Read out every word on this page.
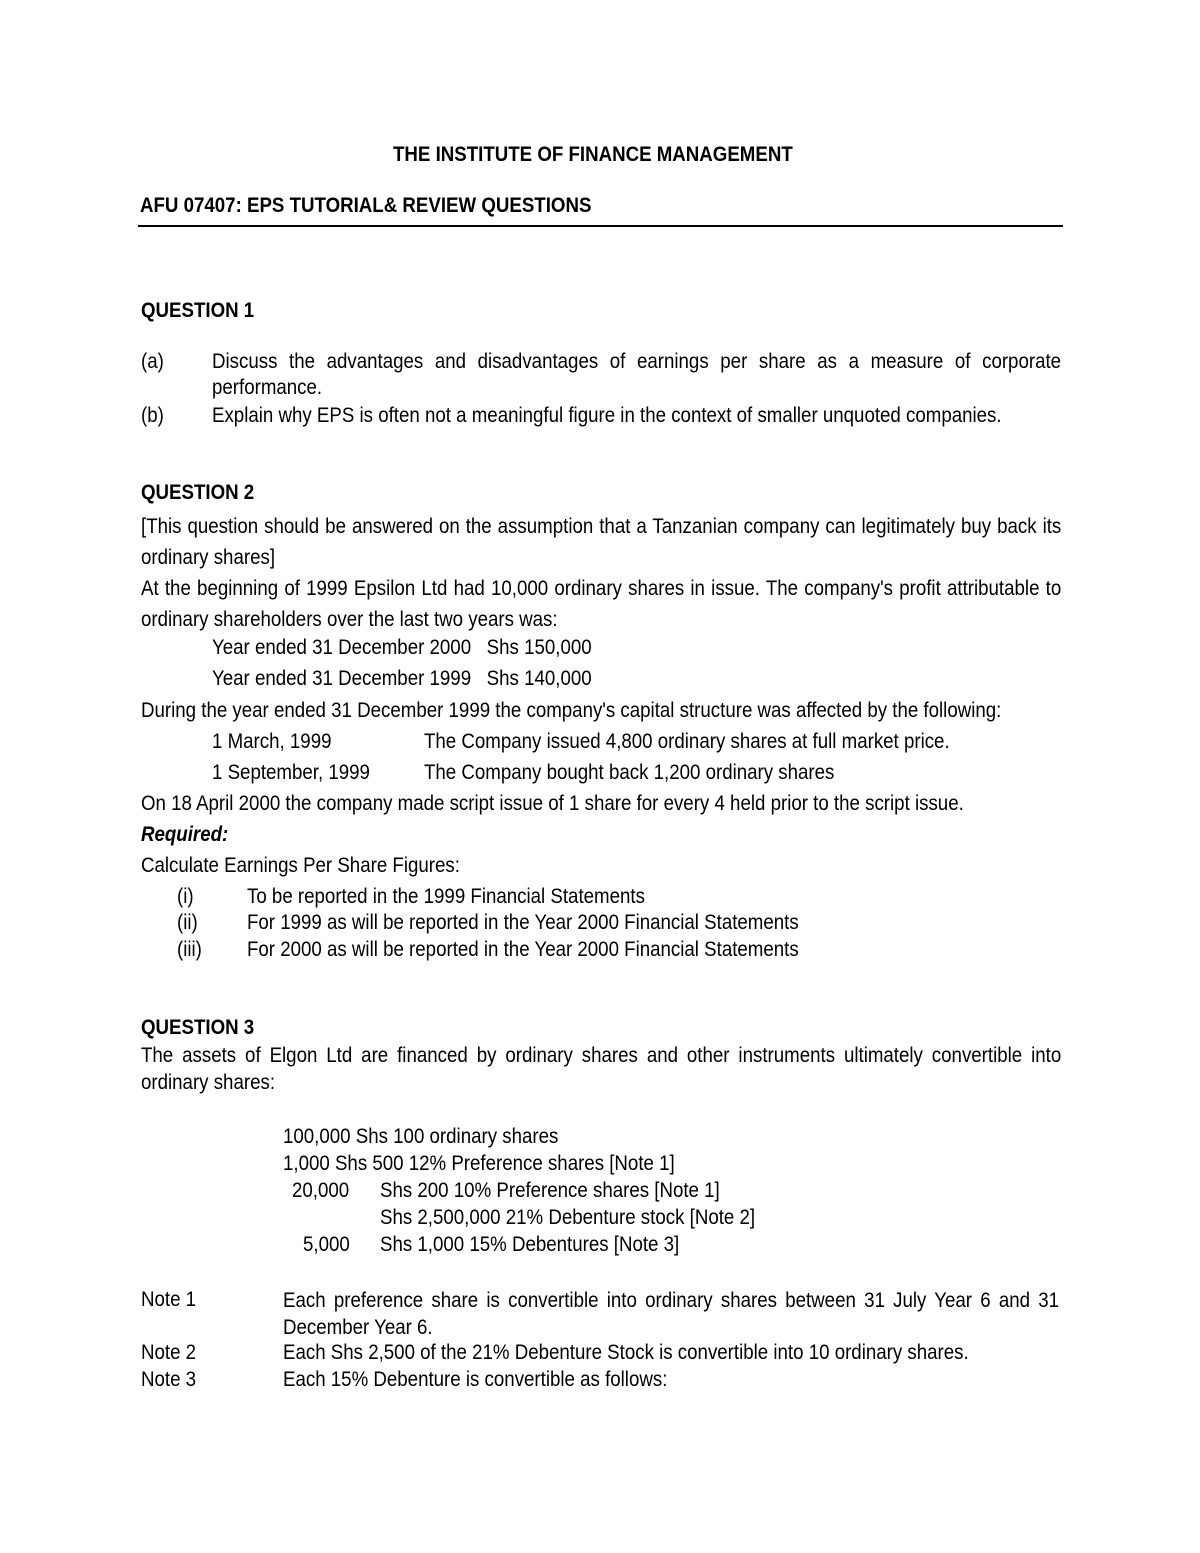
THE INSTITUTE OF FINANCE MANAGEMENT
AFU 07407: EPS TUTORIAL& REVIEW QUESTIONS
QUESTION 1
(a) Discuss the advantages and disadvantages of earnings per share as a measure of corporate performance.
(b) Explain why EPS is often not a meaningful figure in the context of smaller unquoted companies.
QUESTION 2
[This question should be answered on the assumption that a Tanzanian company can legitimately buy back its ordinary shares]
At the beginning of 1999 Epsilon Ltd had 10,000 ordinary shares in issue. The company's profit attributable to ordinary shareholders over the last two years was:
Year ended 31 December 2000   Shs 150,000
Year ended 31 December 1999   Shs 140,000
During the year ended 31 December 1999 the company's capital structure was affected by the following:
1 March, 1999	The Company issued 4,800 ordinary shares at full market price.
1 September, 1999	The Company bought back 1,200 ordinary shares
On 18 April 2000 the company made script issue of 1 share for every 4 held prior to the script issue.
Required:
Calculate Earnings Per Share Figures:
(i)	To be reported in the 1999 Financial Statements
(ii) For 1999 as will be reported in the Year 2000 Financial Statements
(iii) For 2000 as will be reported in the Year 2000 Financial Statements
QUESTION 3
The assets of Elgon Ltd are financed by ordinary shares and other instruments ultimately convertible into ordinary shares:
100,000 Shs 100 ordinary shares
1,000 Shs 500 12% Preference shares [Note 1]
20,000 Shs 200 10% Preference shares [Note 1]
Shs 2,500,000 21% Debenture stock [Note 2]
5,000 Shs 1,000 15% Debentures [Note 3]
Note 1	Each preference share is convertible into ordinary shares between 31 July Year 6 and 31 December Year 6.
Note 2	Each Shs 2,500 of the 21% Debenture Stock is convertible into 10 ordinary shares.
Note 3	Each 15% Debenture is convertible as follows:
